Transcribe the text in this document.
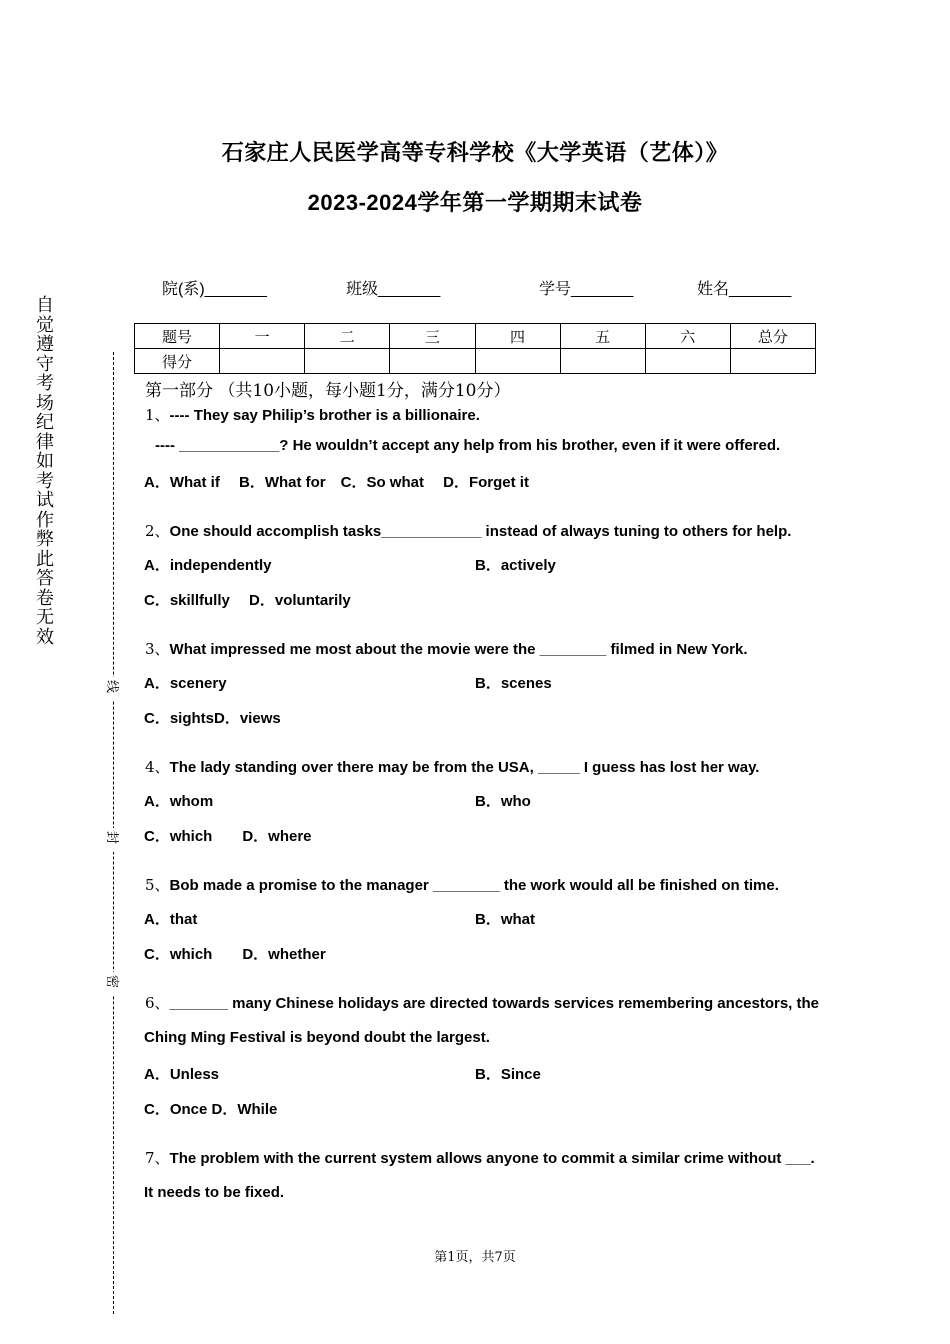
石家庄人民医学高等专科学校《大学英语（艺体）》
2023-2024学年第一学期期末试卷
院(系)_______	班级_______	学号_______	姓名_______
题号	一	二	三	四	五	六	总分
得分							
自
觉
遵
守
考
场
纪
律
如
考
试
作
弊
此
答
卷
无
效
线
封
密
第一部分 （共10小题，每小题1分，满分10分）
1、---- They say Philip’s brother is a billionaire.
---- ____________? He wouldn’t accept any help from his brother, even if it were offered.
A．What if　 B．What for　C．So what　 D．Forget it
2、One should accomplish tasks____________ instead of always tuning to others for help.
A．independently	B．actively
C．skillfully　 D．voluntarily
3、What impressed me most about the movie were the ________ filmed in New York.
A．scenery	B．scenes
C．sightsD．views
4、The lady standing over there may be from the USA, _____ I guess has lost her way.
A．whom	B．who
C．which　　D．where
5、Bob made a promise to the manager ________ the work would all be finished on time.
A．that	B．what
C．which　　D．whether
6、_______ many Chinese holidays are directed towards services remembering ancestors, the
Ching Ming Festival is beyond doubt the largest.
A．Unless	B．Since
C．Once D．While
7、The problem with the current system allows anyone to commit a similar crime without ___.
It needs to be fixed.
第1页，共7页
